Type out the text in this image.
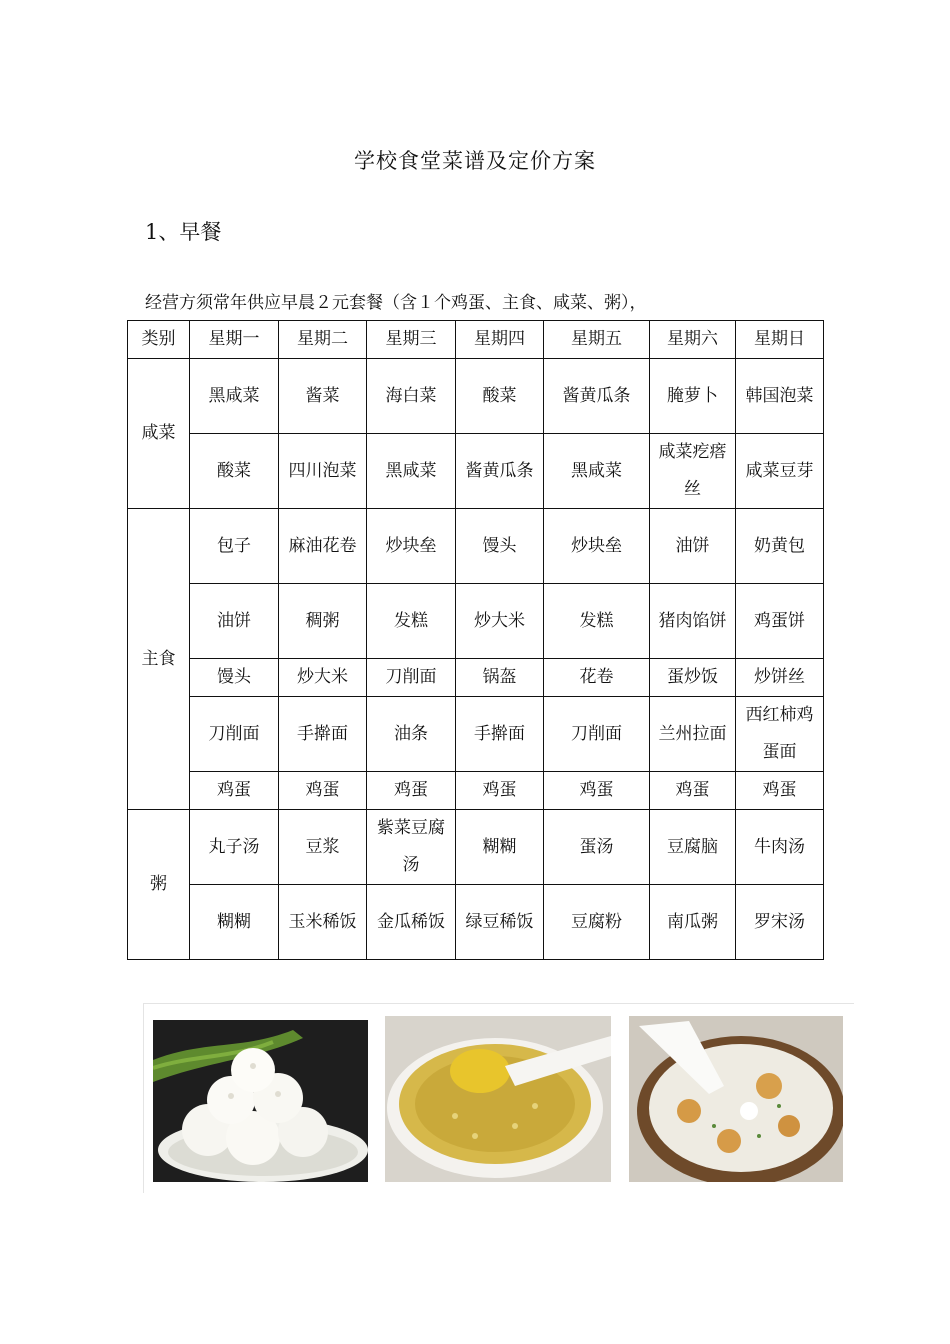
学校食堂菜谱及定价方案
1、早餐
经营方须常年供应早晨２元套餐（含１个鸡蛋、主食、咸菜、粥），
类别	星期一	星期二	星期三	星期四	星期五	星期六	星期日
咸菜	黑咸菜	酱菜	海白菜	酸菜	酱黄瓜条	腌萝卜	韩国泡菜
	酸菜	四川泡菜	黑咸菜	酱黄瓜条	黑咸菜	咸菜疙瘩丝	咸菜豆芽
主食	包子	麻油花卷	炒块垒	馒头	炒块垒	油饼	奶黄包
	油饼	稠粥	发糕	炒大米	发糕	猪肉馅饼	鸡蛋饼
	馒头	炒大米	刀削面	锅盔	花卷	蛋炒饭	炒饼丝
	刀削面	手擀面	油条	手擀面	刀削面	兰州拉面	西红柿鸡蛋面
	鸡蛋	鸡蛋	鸡蛋	鸡蛋	鸡蛋	鸡蛋	鸡蛋
粥	丸子汤	豆浆	紫菜豆腐汤	糊糊	蛋汤	豆腐脑	牛肉汤
	糊糊	玉米稀饭	金瓜稀饭	绿豆稀饭	豆腐粉	南瓜粥	罗宋汤
